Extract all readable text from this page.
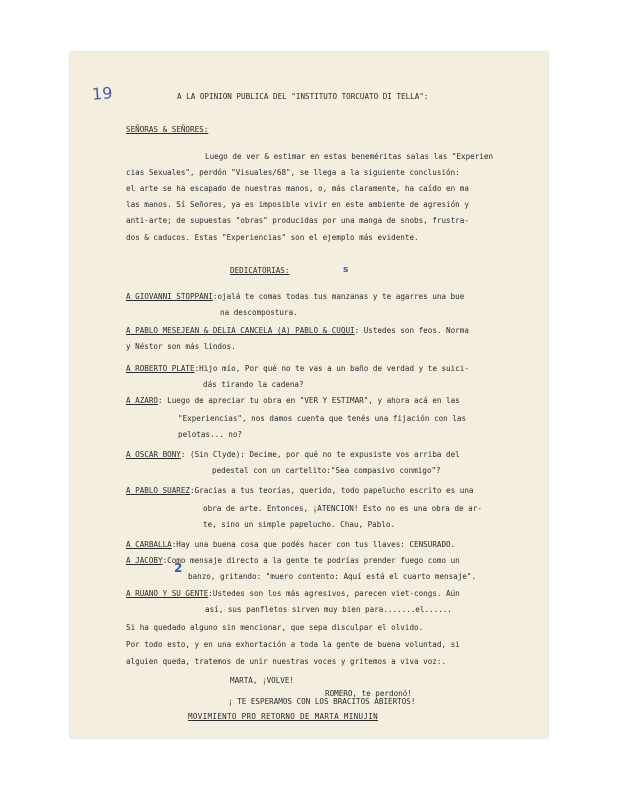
19	A LA OPINION PUBLICA DEL "INSTITUTO TORCUATO DI TELLA":
SEÑORAS & SEÑORES:
Luego de ver & estimar en estas beneméritas salas las "Experien
cias Sexuales", perdón "Visuales/68", se llega a la siguiente conclusión:
el arte se ha escapado de nuestras manos, o, más claramente, ha caído en ma
las manos. Sí Señores, ya es imposible vivir en este ambiente de agresión y
anti-arte; de supuestas "obras" producidas por una manga de snobs, frustra-
dos & caducos. Estas "Experiencias" son el ejemplo más evidente.
DEDICATORIAS:	s
A GIOVANNI STOPPANI:ojalá te comas todas tus manzanas y te agarres una bue
na descompostura.
A PABLO MESEJEAN & DELIA CANCELA (A) PABLO & CUQUI: Ustedes son feos. Norma
y Néstor son más lindos.
A ROBERTO PLATE:Hijo mío, Por qué no te vas a un baño de verdad y te suici-
dás tirando la cadena?
A AZARO: Luego de apreciar tu obra en "VER Y ESTIMAR", y ahora acá en las
"Experiencias", nos damos cuenta que tenés una fijación con las
pelotas... no?
A OSCAR BONY: (Sin Clyde): Decime, por qué no te expusiste vos arriba del
pedestal con un cartelito:"Sea compasivo conmigo"?
A PABLO SUAREZ:Gracias a tus teorías, querido, todo papelucho escrito es una
obra de arte. Entonces, ¡ATENCION! Esto no es una obra de ar-
te, sino un simple papelucho. Chau, Pablo.
A CARBALLA:Hay una buena cosa que podés hacer con tus llaves: CENSURADO.
A JACOBY:Como mensaje directo a la gente te podrías prender fuego como un
banzo, gritando: "muero contento: Aquí está el cuarto mensaje".
2
A RUANO Y SU GENTE:Ustedes son los más agresivos, parecen viet-congs. Aún
así, sus panfletos sirven muy bien para.......el......
Si ha quedado alguno sin mencionar, que sepa disculpar el olvido.
Por todo esto, y en una exhortación a toda la gente de buena voluntad, si
alguien queda, tratemos de unir nuestras voces y gritemos a viva voz:.
MARTA, ¡VOLVE!
ROMERO, te perdonó!
¡ TE ESPERAMOS CON LOS BRACITOS ABIERTOS!
MOVIMIENTO PRO RETORNO DE MARTA MINUJIN
